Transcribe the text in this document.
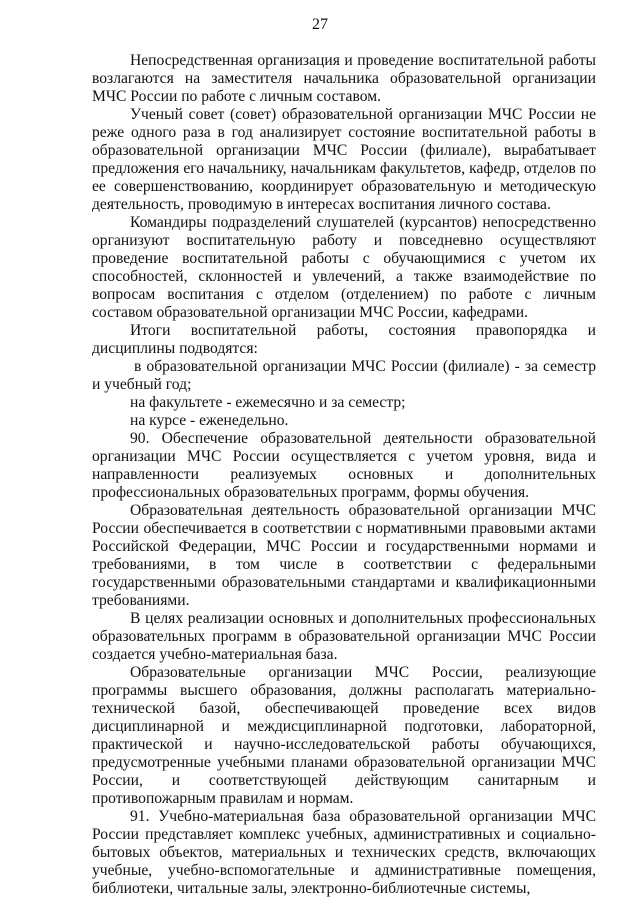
27

Непосредственная организация и проведение воспитательной работы возлагаются на заместителя начальника образовательной организации МЧС России по работе с личным составом.

Ученый совет (совет) образовательной организации МЧС России не реже одного раза в год анализирует состояние воспитательной работы в образовательной организации МЧС России (филиале), вырабатывает предложения его начальнику, начальникам факультетов, кафедр, отделов по ее совершенствованию, координирует образовательную и методическую деятельность, проводимую в интересах воспитания личного состава.

Командиры подразделений слушателей (курсантов) непосредственно организуют воспитательную работу и повседневно осуществляют проведение воспитательной работы с обучающимися с учетом их способностей, склонностей и увлечений, а также взаимодействие по вопросам воспитания с отделом (отделением) по работе с личным составом образовательной организации МЧС России, кафедрами.

Итоги воспитательной работы, состояния правопорядка и дисциплины подводятся:

в образовательной организации МЧС России (филиале) - за семестр и учебный год;

на факультете - ежемесячно и за семестр;

на курсе - еженедельно.

90. Обеспечение образовательной деятельности образовательной организации МЧС России осуществляется с учетом уровня, вида и направленности реализуемых основных и дополнительных профессиональных образовательных программ, формы обучения.

Образовательная деятельность образовательной организации МЧС России обеспечивается в соответствии с нормативными правовыми актами Российской Федерации, МЧС России и государственными нормами и требованиями, в том числе в соответствии с федеральными государственными образовательными стандартами и квалификационными требованиями.

В целях реализации основных и дополнительных профессиональных образовательных программ в образовательной организации МЧС России создается учебно-материальная база.

Образовательные организации МЧС России, реализующие программы высшего образования, должны располагать материально-технической базой, обеспечивающей проведение всех видов дисциплинарной и междисциплинарной подготовки, лабораторной, практической и научно-исследовательской работы обучающихся, предусмотренные учебными планами образовательной организации МЧС России, и соответствующей действующим санитарным и противопожарным правилам и нормам.

91. Учебно-материальная база образовательной организации МЧС России представляет комплекс учебных, административных и социально-бытовых объектов, материальных и технических средств, включающих учебные, учебно-вспомогательные и административные помещения, библиотеки, читальные залы, электронно-библиотечные системы,
